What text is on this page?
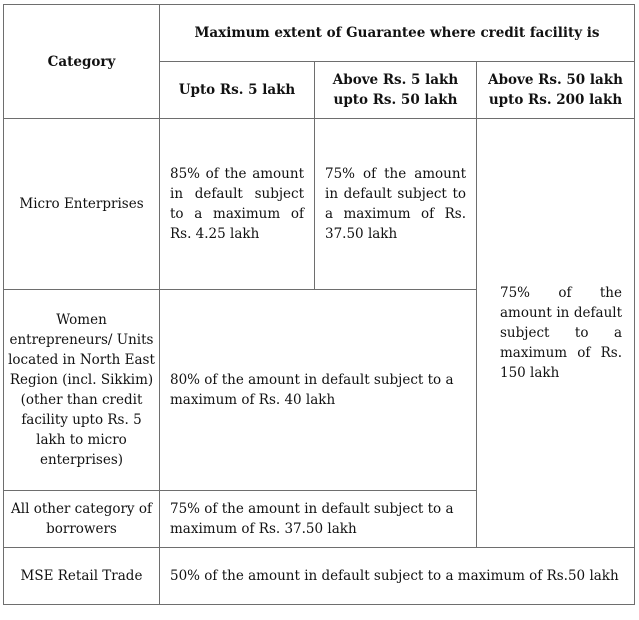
Category	Maximum extent of Guarantee where credit facility is		
	Upto Rs. 5 lakh	Above Rs. 5 lakh upto Rs. 50 lakh	Above Rs. 50 lakh upto Rs. 200 lakh
Micro Enterprises	85% of the amount in default subject to a maximum of Rs. 4.25 lakh	75% of the amount in default subject to a maximum of Rs. 37.50 lakh	75% of the amount in default subject to a maximum of Rs. 150 lakh
Women entrepreneurs/ Units located in North East Region (incl. Sikkim) (other than credit facility upto Rs. 5 lakh to micro enterprises)	80% of the amount in default subject to a maximum of Rs. 40 lakh		
All other category of borrowers	75% of the amount in default subject to a maximum of Rs. 37.50 lakh		
MSE Retail Trade	50% of the amount in default subject to a maximum of Rs.50 lakh		
